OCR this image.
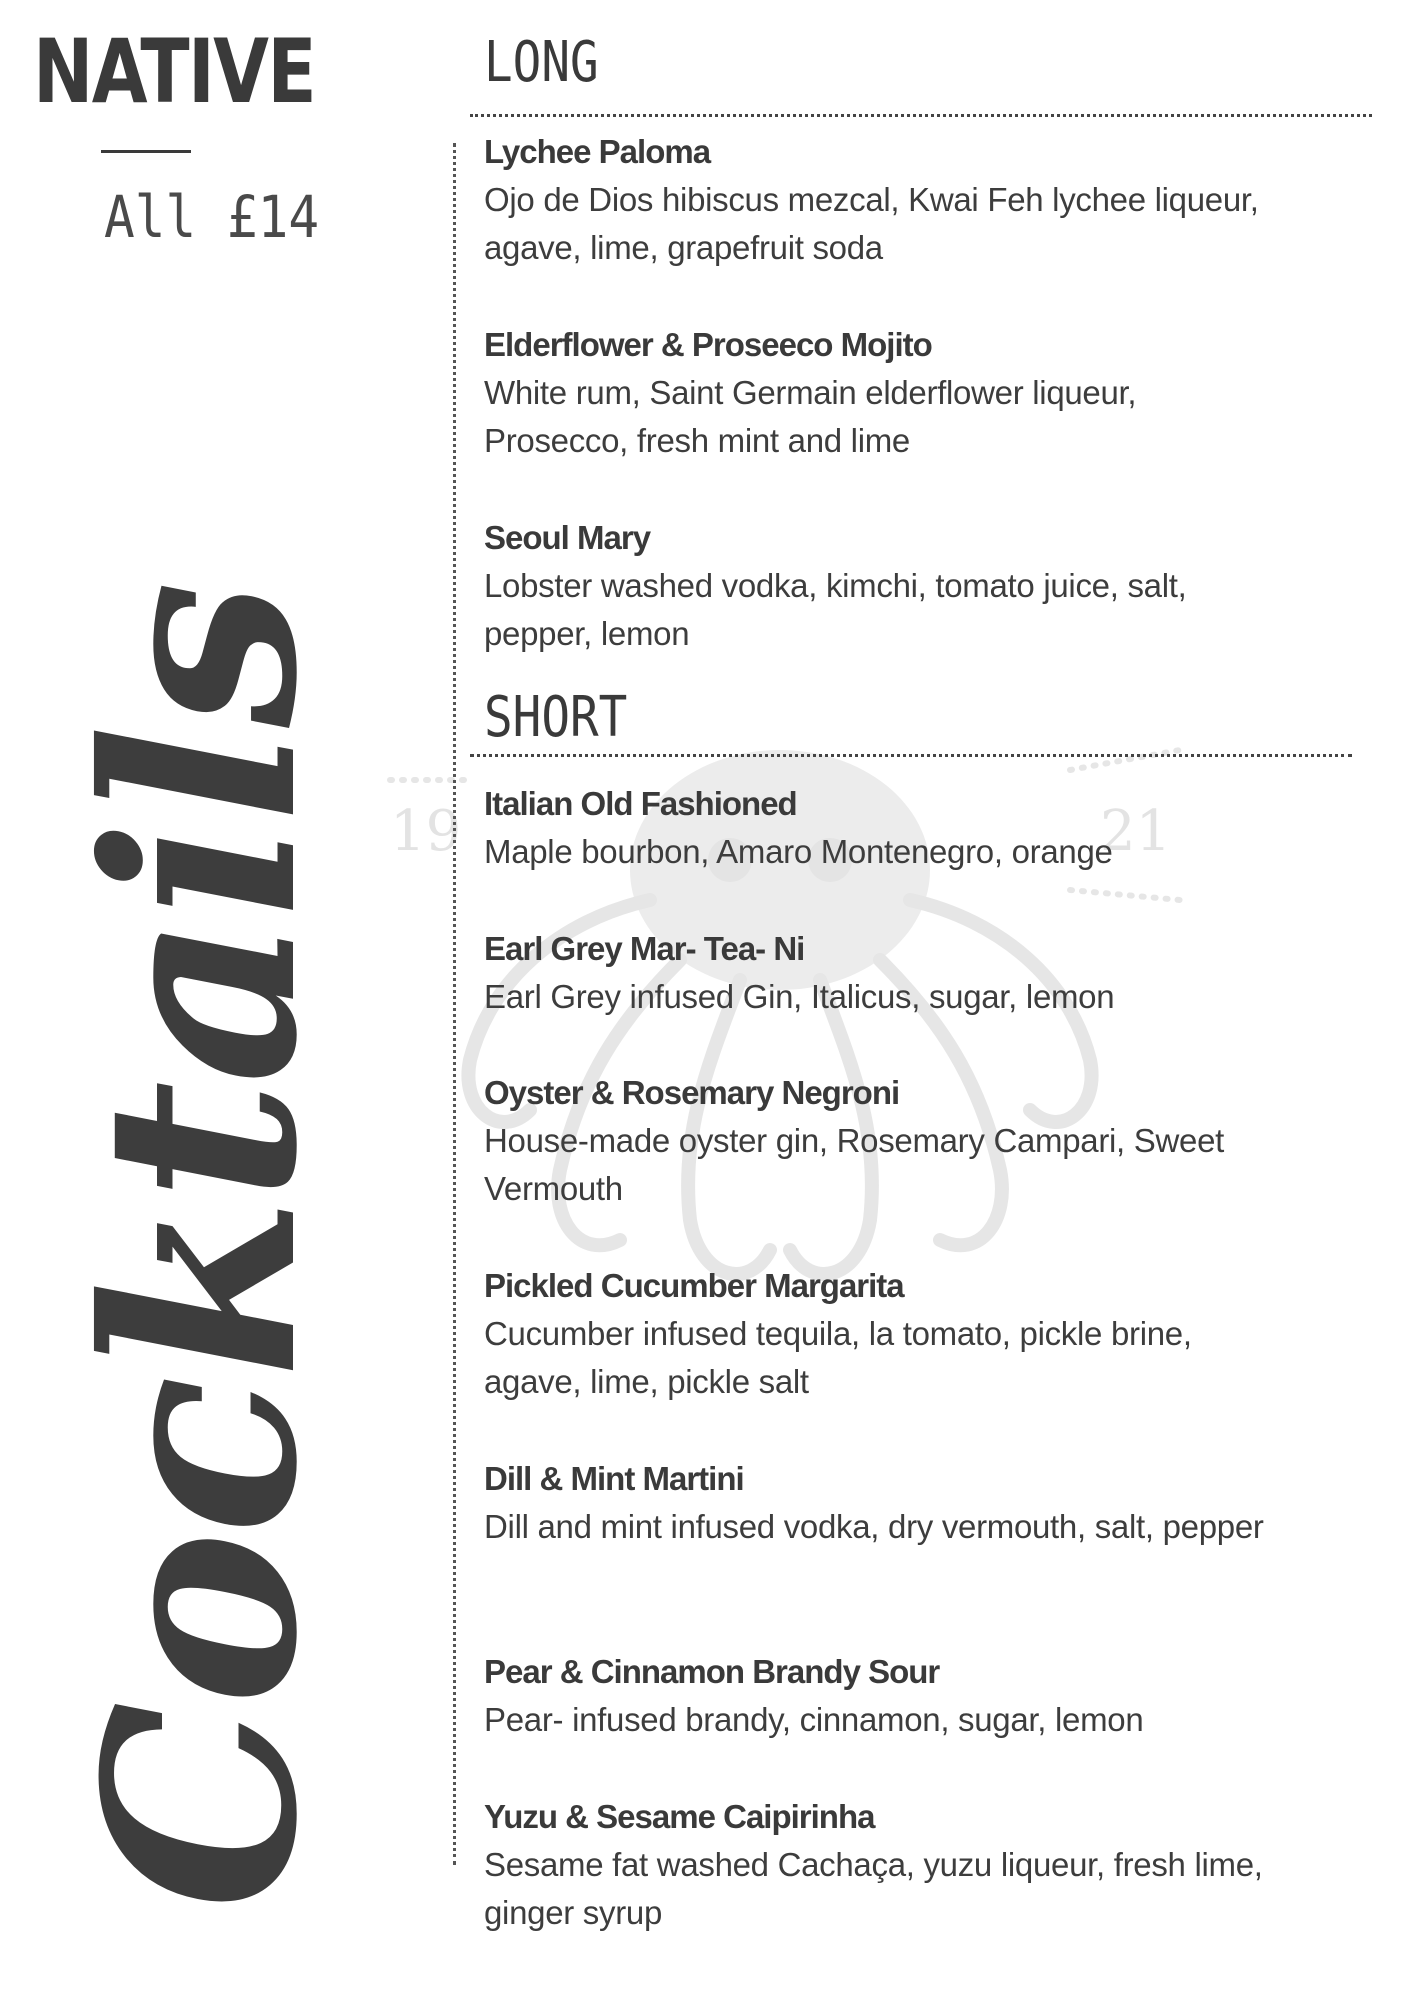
NATIVE
All £14
19	21
Cocktails
LONG
Lychee Paloma
Ojo de Dios hibiscus mezcal, Kwai Feh lychee liqueur, agave, lime, grapefruit soda
Elderflower & Proseeco Mojito
White rum, Saint Germain elderflower liqueur, Prosecco, fresh mint and lime
Seoul Mary
Lobster washed vodka, kimchi, tomato juice, salt, pepper, lemon
SHORT
Italian Old Fashioned
Maple bourbon, Amaro Montenegro, orange
Earl Grey Mar- Tea- Ni
Earl Grey infused Gin, Italicus, sugar, lemon
Oyster & Rosemary Negroni
House-made oyster gin, Rosemary Campari, Sweet Vermouth
Pickled Cucumber Margarita
Cucumber infused tequila, la tomato, pickle brine, agave, lime, pickle salt
Dill & Mint Martini
Dill and mint infused vodka, dry vermouth, salt, pepper
Pear & Cinnamon Brandy Sour
Pear- infused brandy, cinnamon, sugar, lemon
Yuzu & Sesame Caipirinha
Sesame fat washed Cachaça, yuzu liqueur, fresh lime, ginger syrup
